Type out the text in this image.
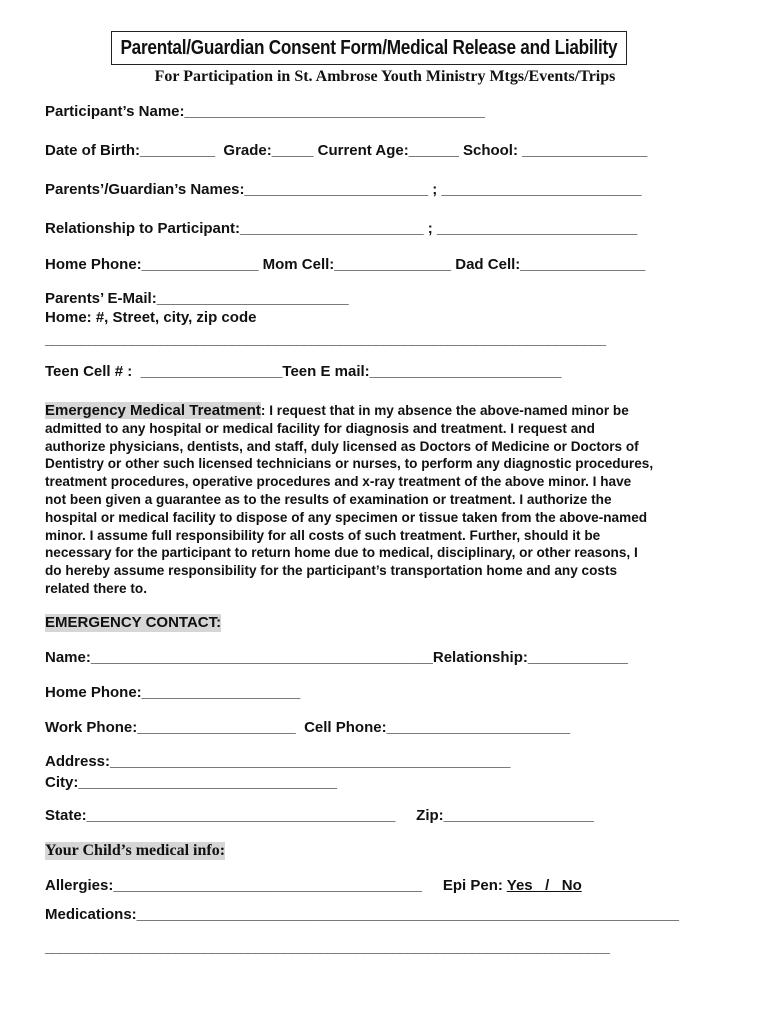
Parental/Guardian Consent Form/Medical Release and Liability
For Participation in St. Ambrose Youth Ministry Mtgs/Events/Trips
Participant’s Name:____________________________________
Date of Birth:_________  Grade:_____ Current Age:______ School: _______________
Parents’/Guardian’s Names:______________________ ; ________________________
Relationship to Participant:______________________ ; ________________________
Home Phone:______________ Mom Cell:______________ Dad Cell:_______________
Parents’ E-Mail:_______________________
Home: #, Street, city, zip code
______________________________________________________________________________
Teen Cell # :  _________________Teen E mail:_______________________
Emergency Medical Treatment: I request that in my absence the above-named minor be
admitted to any hospital or medical facility for diagnosis and treatment. I request and
authorize physicians, dentists, and staff, duly licensed as Doctors of Medicine or Doctors of
Dentistry or other such licensed technicians or nurses, to perform any diagnostic procedures,
treatment procedures, operative procedures and x-ray treatment of the above minor. I have
not been given a guarantee as to the results of examination or treatment. I authorize the
hospital or medical facility to dispose of any specimen or tissue taken from the above-named
minor. I assume full responsibility for all costs of such treatment. Further, should it be
necessary for the participant to return home due to medical, disciplinary, or other reasons, I
do hereby assume responsibility for the participant’s transportation home and any costs
related there to.
EMERGENCY CONTACT:
Name:_________________________________________Relationship:____________
Home Phone:___________________
Work Phone:___________________  Cell Phone:______________________
Address:________________________________________________
City:_______________________________
State:_____________________________________     Zip:__________________
Your Child’s medical info:
Allergies:_____________________________________     Epi Pen: Yes   /   No
Medications:_________________________________________________________________
______________________________________________________________________________
